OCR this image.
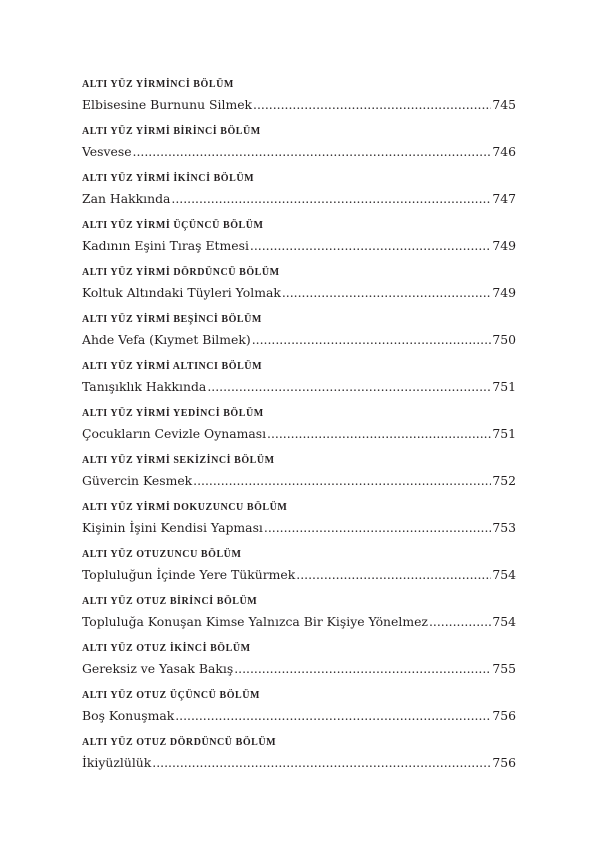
ALTI YÜZ YİRMİNCİ BÖLÜM
Elbisesine Burnunu Silmek .....	745
ALTI YÜZ YİRMİ BİRİNCİ BÖLÜM
Vesvese .....	746
ALTI YÜZ YİRMİ İKİNCİ BÖLÜM
Zan Hakkında .....	747
ALTI YÜZ YİRMİ ÜÇÜNCÜ BÖLÜM
Kadının Eşini Tıraş Etmesi .....	749
ALTI YÜZ YİRMİ DÖRDÜNCÜ BÖLÜM
Koltuk Altındaki Tüyleri Yolmak .....	749
ALTI YÜZ YİRMİ BEŞİNCİ BÖLÜM
Ahde Vefa (Kıymet Bilmek) .....	750
ALTI YÜZ YİRMİ ALTINCI BÖLÜM
Tanışıklık Hakkında .....	751
ALTI YÜZ YİRMİ YEDİNCİ BÖLÜM
Çocukların Cevizle Oynaması .....	751
ALTI YÜZ YİRMİ SEKİZİNCİ BÖLÜM
Güvercin Kesmek .....	752
ALTI YÜZ YİRMİ DOKUZUNCU BÖLÜM
Kişinin İşini Kendisi Yapması .....	753
ALTI YÜZ OTUZUNCU BÖLÜM
Topluluğun İçinde Yere Tükürmek .....	754
ALTI YÜZ OTUZ BİRİNCİ BÖLÜM
Topluluğa Konuşan Kimse Yalnızca Bir Kişiye Yönelmez .....	754
ALTI YÜZ OTUZ İKİNCİ BÖLÜM
Gereksiz ve Yasak Bakış .....	755
ALTI YÜZ OTUZ ÜÇÜNCÜ BÖLÜM
Boş Konuşmak .....	756
ALTI YÜZ OTUZ DÖRDÜNCÜ BÖLÜM
İkiyüzlülük .....	756
